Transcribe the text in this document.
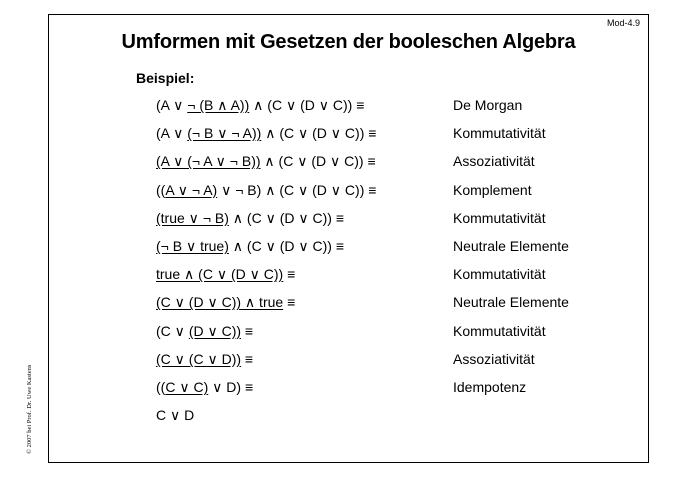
Mod-4.9
Umformen mit Gesetzen der booleschen Algebra
Beispiel:
(A ∨ ¬ (B ∧ A)) ∧ (C ∨ (D ∨ C)) ≡	De Morgan
(A ∨ (¬ B ∨ ¬ A)) ∧ (C ∨ (D ∨ C)) ≡	Kommutativität
(A ∨ (¬ A ∨ ¬ B)) ∧ (C ∨ (D ∨ C)) ≡	Assoziativität
((A ∨ ¬ A) ∨ ¬ B) ∧ (C ∨ (D ∨ C)) ≡	Komplement
(true ∨ ¬ B) ∧ (C ∨ (D ∨ C)) ≡	Kommutativität
(¬ B ∨ true) ∧ (C ∨ (D ∨ C)) ≡	Neutrale Elemente
true ∧ (C ∨ (D ∨ C)) ≡	Kommutativität
(C ∨ (D ∨ C)) ∧ true ≡	Neutrale Elemente
(C ∨ (D ∨ C)) ≡	Kommutativität
(C ∨ (C ∨ D)) ≡	Assoziativität
((C ∨ C) ∨ D) ≡	Idempotenz
C ∨ D
© 2007 bei Prof. Dr. Uwe Kastens
